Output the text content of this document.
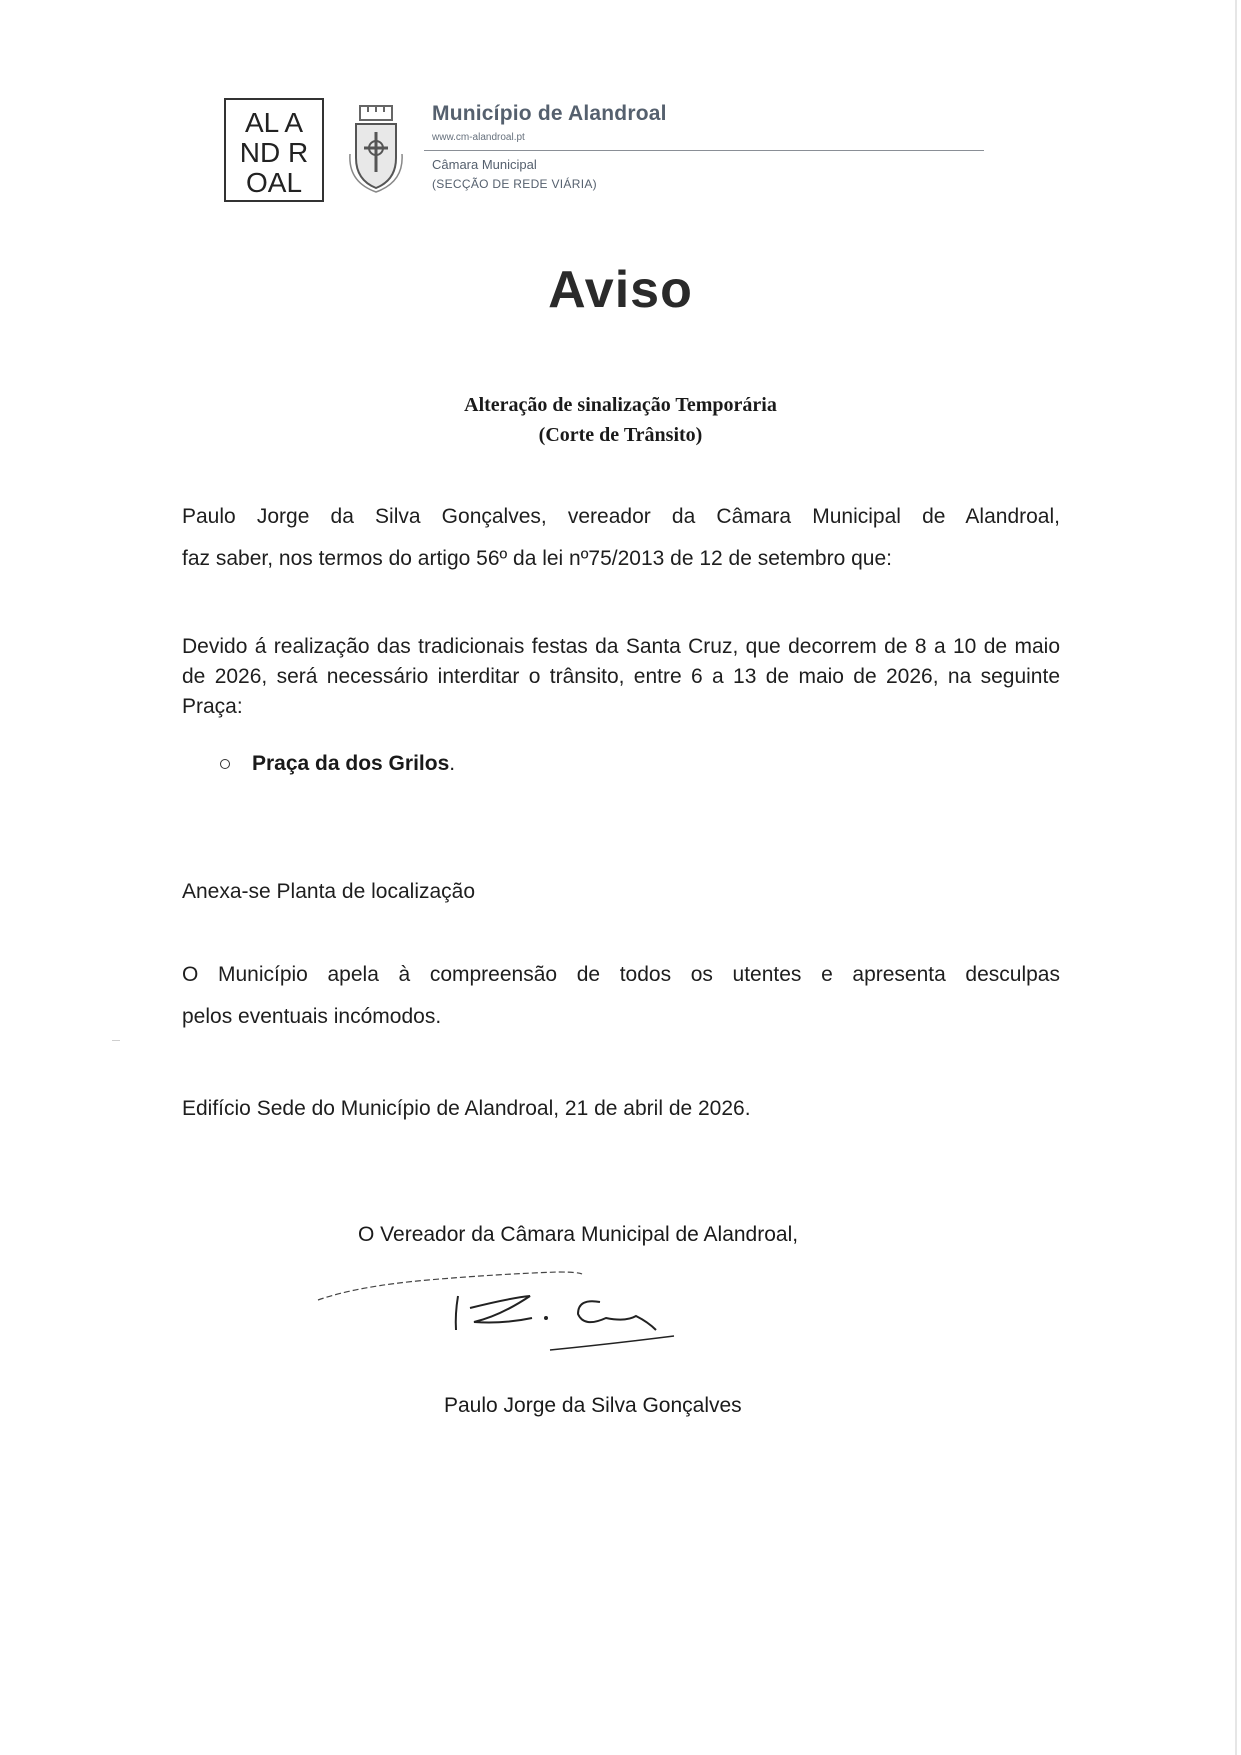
AL A
ND R
OAL
Município de Alandroal
www.cm-alandroal.pt
Câmara Municipal
(SECÇÃO DE REDE VIÁRIA)
Aviso
Alteração de sinalização Temporária
(Corte de Trânsito)
Paulo Jorge da Silva Gonçalves, vereador da Câmara Municipal de Alandroal,
faz saber, nos termos do artigo 56º da lei nº75/2013 de 12 de setembro que:
Devido á realização das tradicionais festas da Santa Cruz, que decorrem de 8 a 10 de maio de 2026, será necessário interditar o trânsito, entre 6 a 13 de maio de 2026, na seguinte Praça:
Praça da dos Grilos .
Anexa-se Planta de localização
O Município apela à compreensão de todos os utentes e apresenta desculpas
pelos eventuais incómodos.
Edifício Sede do Município de Alandroal, 21 de abril de 2026.
O Vereador da Câmara Municipal de Alandroal,
Paulo Jorge da Silva Gonçalves
